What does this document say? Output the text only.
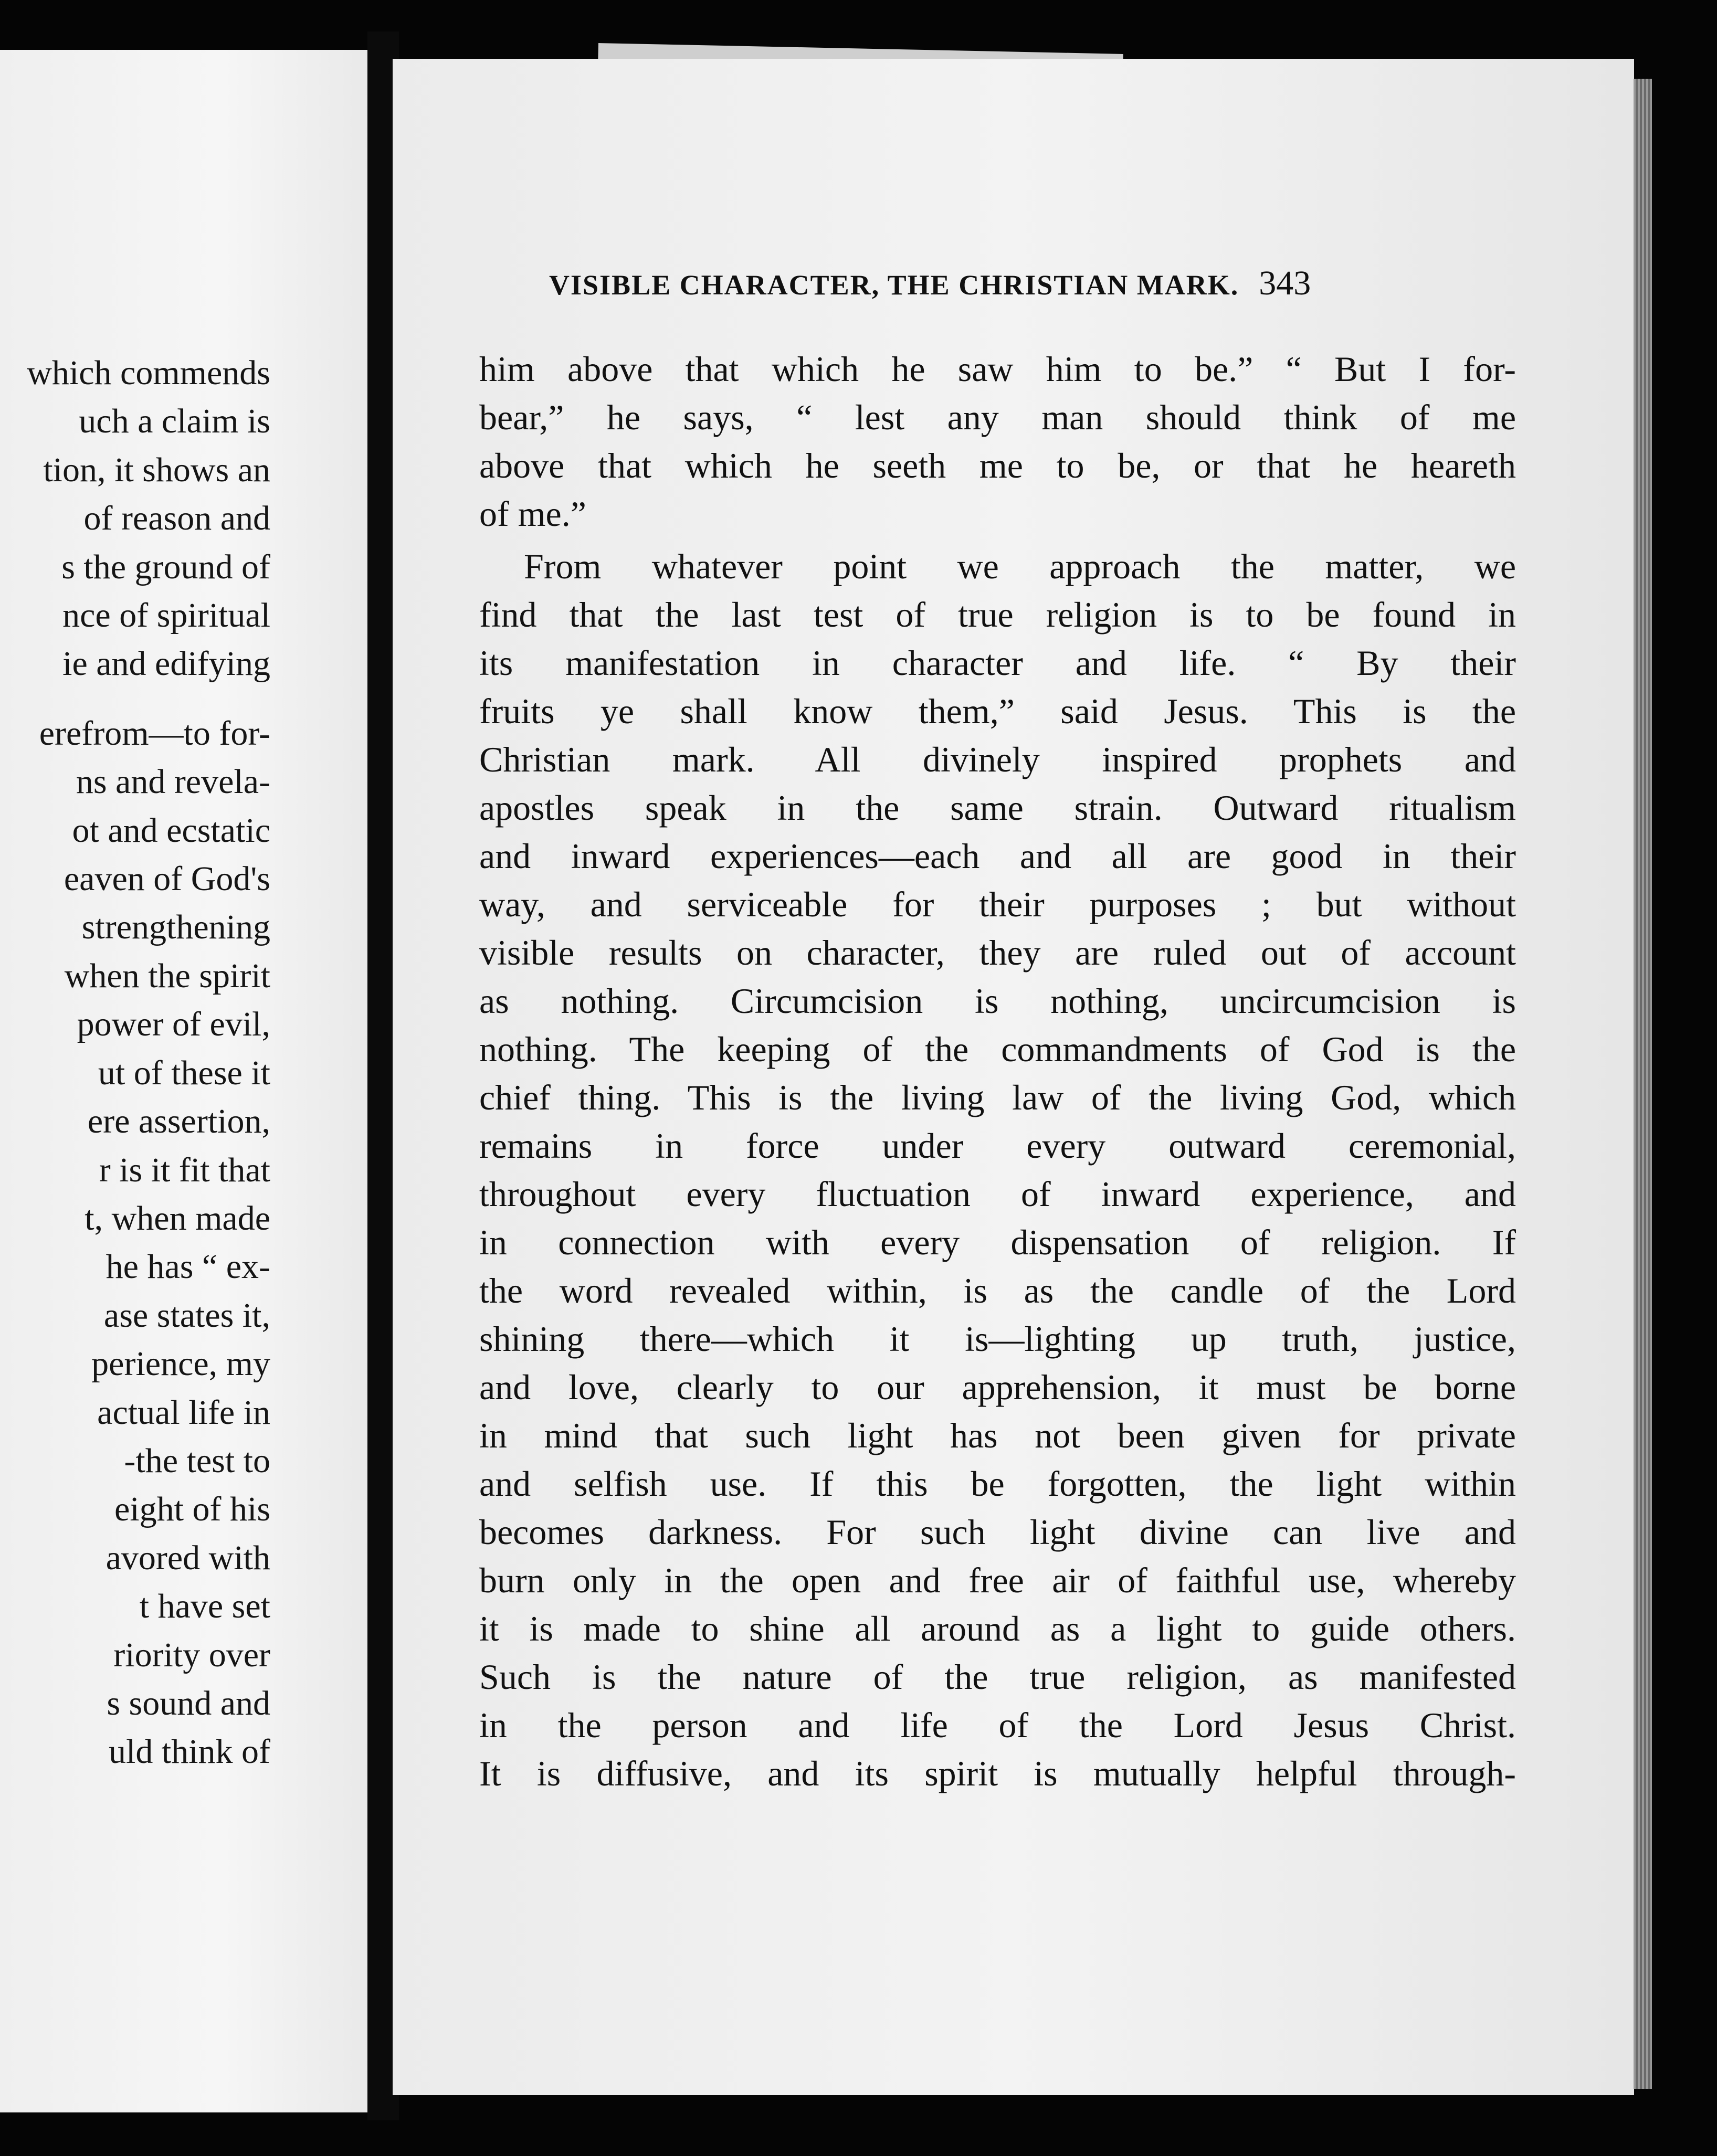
which commends
uch a claim is
tion, it shows an
of reason and
s the ground of
nce of spiritual
ie and edifying
erefrom—to for-
ns and revela-
ot and ecstatic
eaven of God's
strengthening
when the spirit
power of evil,
ut of these it
ere assertion,
r is it fit that
t, when made
he has “ ex-
ase states it,
perience, my
actual life in
-the test to
eight of his
avored with
t have set
riority over
s sound and
uld think of
VISIBLE CHARACTER, THE CHRISTIAN MARK. 343
him above that which he saw him to be.” “ But I for-
bear,” he says, “ lest any man should think of me
above that which he seeth me to be, or that he heareth
of me.”
From whatever point we approach the matter, we
find that the last test of true religion is to be found in
its manifestation in character and life. “ By their
fruits ye shall know them,” said Jesus. This is the
Christian mark. All divinely inspired prophets and
apostles speak in the same strain. Outward ritualism
and inward experiences—each and all are good in their
way, and serviceable for their purposes ; but without
visible results on character, they are ruled out of account
as nothing. Circumcision is nothing, uncircumcision is
nothing. The keeping of the commandments of God is the
chief thing. This is the living law of the living God, which
remains in force under every outward ceremonial,
throughout every fluctuation of inward experience, and
in connection with every dispensation of religion. If
the word revealed within, is as the candle of the Lord
shining there—which it is—lighting up truth, justice,
and love, clearly to our apprehension, it must be borne
in mind that such light has not been given for private
and selfish use. If this be forgotten, the light within
becomes darkness. For such light divine can live and
burn only in the open and free air of faithful use, whereby
it is made to shine all around as a light to guide others.
Such is the nature of the true religion, as manifested
in the person and life of the Lord Jesus Christ.
It is diffusive, and its spirit is mutually helpful through-
